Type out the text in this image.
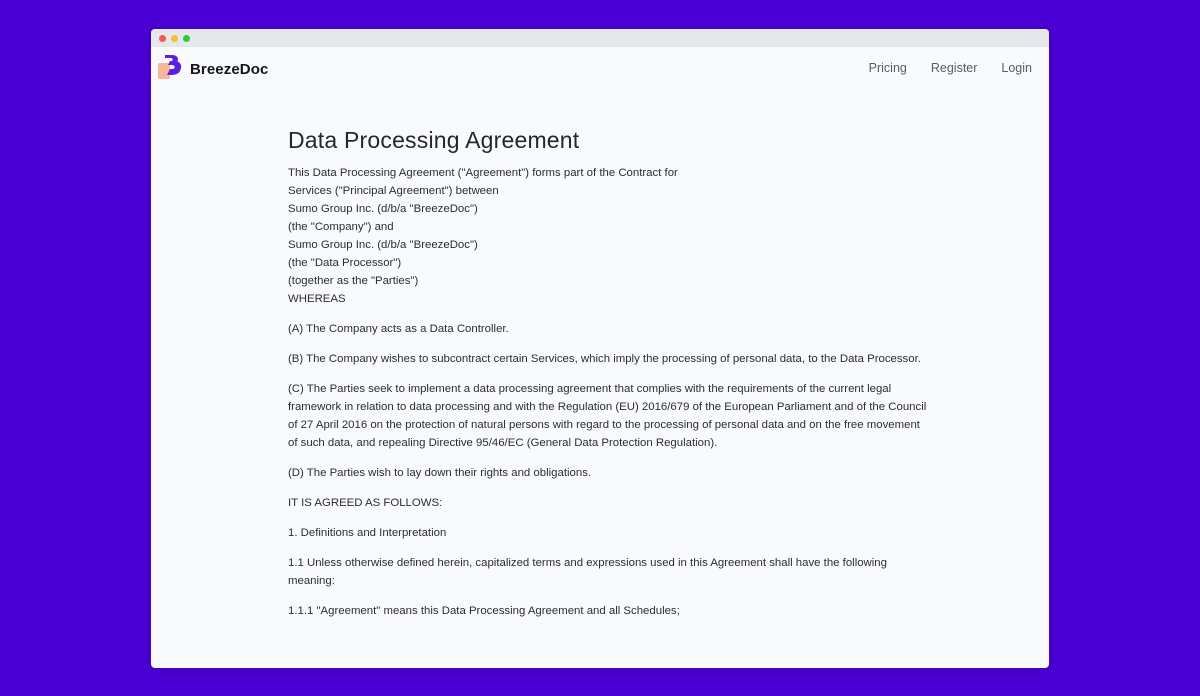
BreezeDoc	Pricing Register Login
Data Processing Agreement
This Data Processing Agreement ("Agreement") forms part of the Contract for
Services ("Principal Agreement") between
Sumo Group Inc. (d/b/a "BreezeDoc")
(the "Company") and
Sumo Group Inc. (d/b/a "BreezeDoc")
(the "Data Processor")
(together as the "Parties")
WHEREAS

(A) The Company acts as a Data Controller.

(B) The Company wishes to subcontract certain Services, which imply the processing of personal data, to the Data Processor.

(C) The Parties seek to implement a data processing agreement that complies with the requirements of the current legal framework in relation to data processing and with the Regulation (EU) 2016/679 of the European Parliament and of the Council of 27 April 2016 on the protection of natural persons with regard to the processing of personal data and on the free movement of such data, and repealing Directive 95/46/EC (General Data Protection Regulation).

(D) The Parties wish to lay down their rights and obligations.

IT IS AGREED AS FOLLOWS:

1. Definitions and Interpretation

1.1 Unless otherwise defined herein, capitalized terms and expressions used in this Agreement shall have the following meaning:

1.1.1 "Agreement" means this Data Processing Agreement and all Schedules;
